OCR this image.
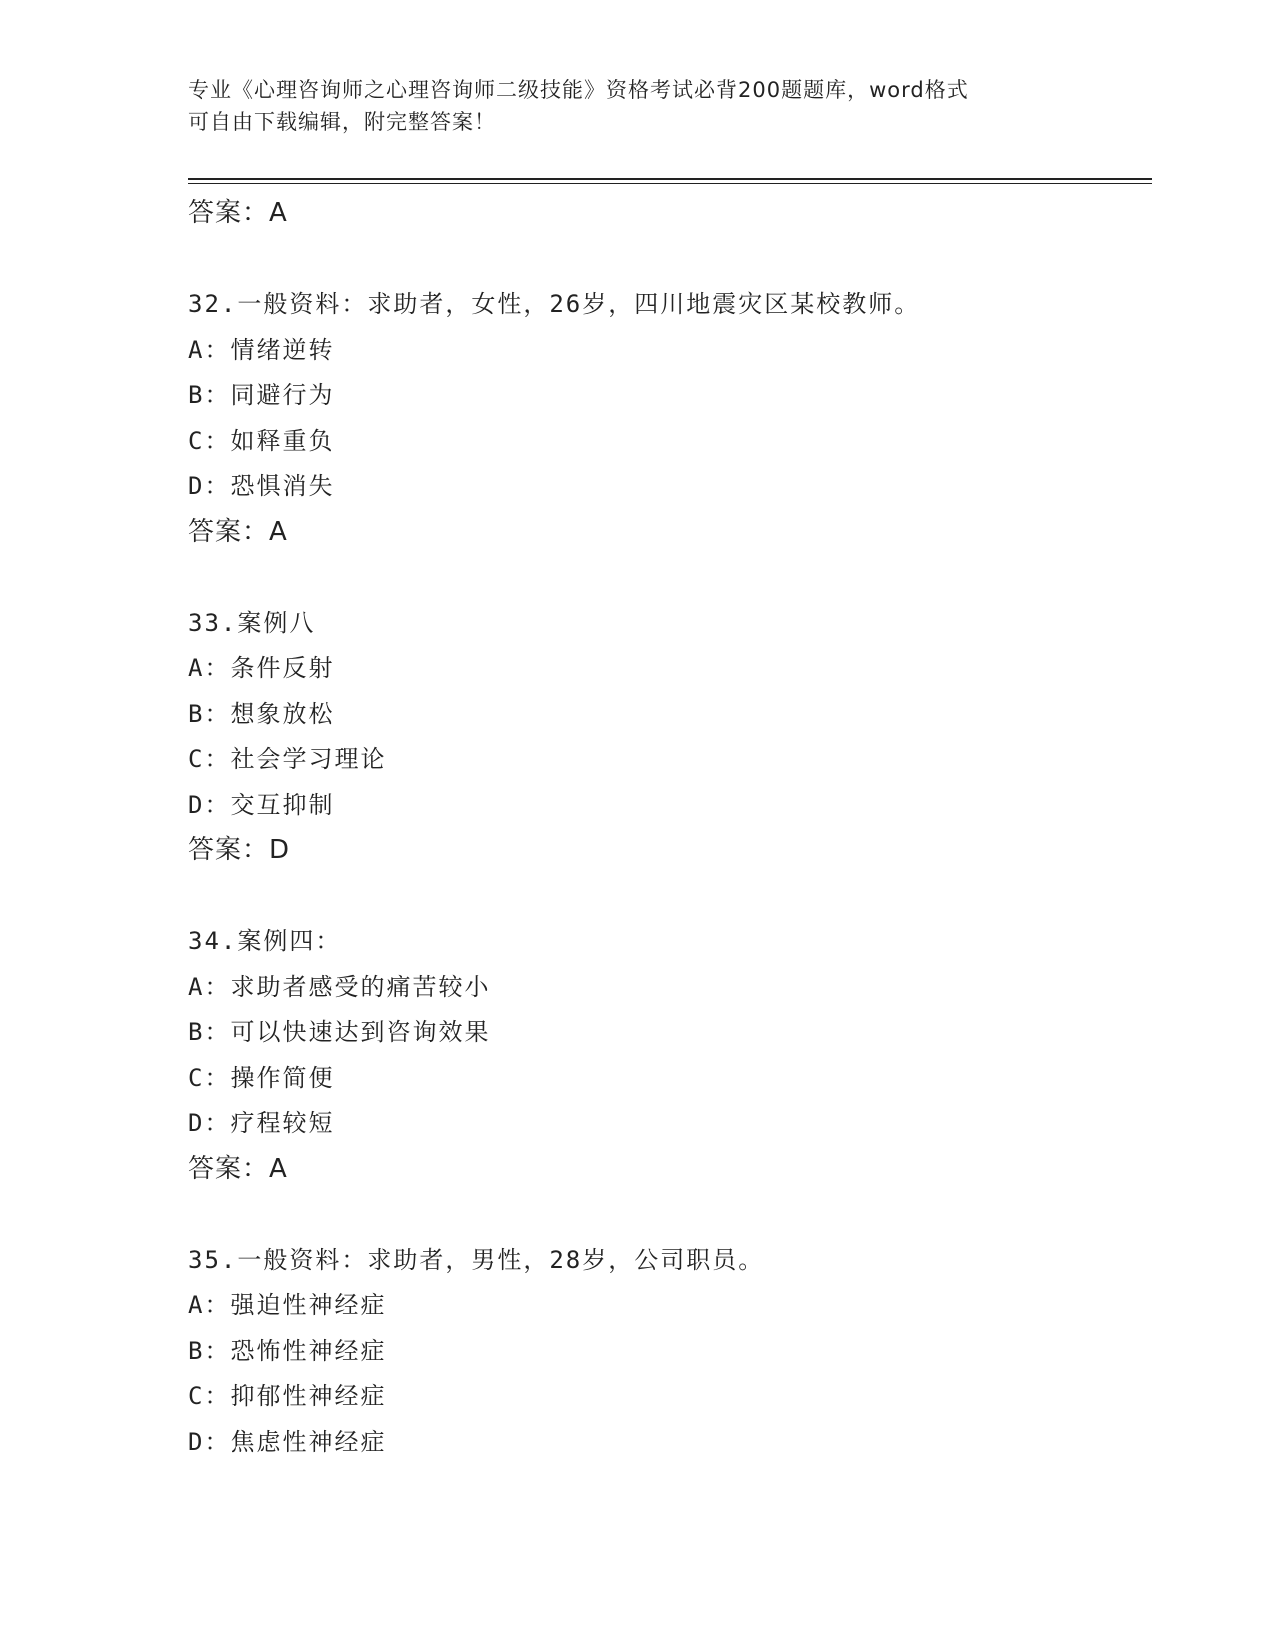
专业《心理咨询师之心理咨询师二级技能》资格考试必背200题题库，word格式
可自由下载编辑，附完整答案！
答案：A
32.一般资料：求助者，女性，26岁，四川地震灾区某校教师。
A：情绪逆转
B：同避行为
C：如释重负
D：恐惧消失
答案：A
33.案例八
A：条件反射
B：想象放松
C：社会学习理论
D：交互抑制
答案：D
34.案例四：
A：求助者感受的痛苦较小
B：可以快速达到咨询效果
C：操作简便
D：疗程较短
答案：A
35.一般资料：求助者，男性，28岁，公司职员。
A：强迫性神经症
B：恐怖性神经症
C：抑郁性神经症
D：焦虑性神经症
